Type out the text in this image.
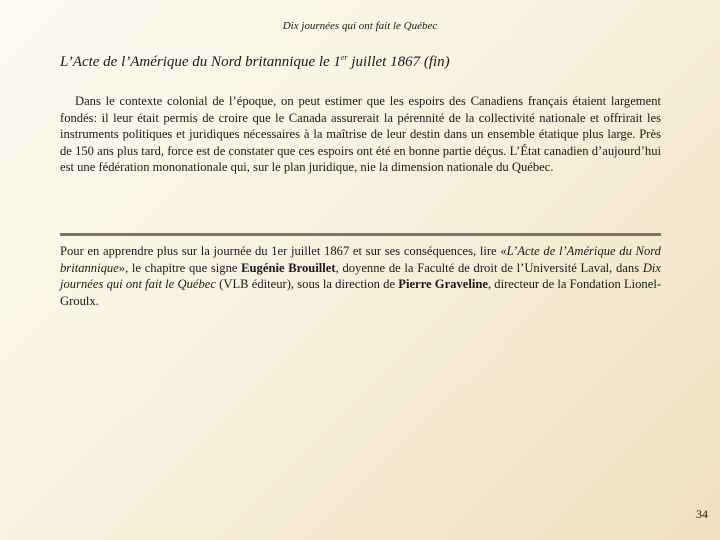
Dix journées qui ont fait le Québec
L’Acte de l’Amérique du Nord britannique le 1er juillet 1867 (fin)

Dans le contexte colonial de l’époque, on peut estimer que les espoirs des Canadiens français étaient largement fondés: il leur était permis de croire que le Canada assurerait la pérennité de la collectivité nationale et offrirait les instruments politiques et juridiques nécessaires à la maîtrise de leur destin dans un ensemble étatique plus large. Près de 150 ans plus tard, force est de constater que ces espoirs ont été en bonne partie déçus. L’État canadien d’aujourd’hui est une fédération mononationale qui, sur le plan juridique, nie la dimension nationale du Québec.

Pour en apprendre plus sur la journée du 1er juillet 1867 et sur ses conséquences, lire «L’Acte de l’Amérique du Nord britannique», le chapitre que signe Eugénie Brouillet, doyenne de la Faculté de droit de l’Université Laval, dans Dix journées qui ont fait le Québec (VLB éditeur), sous la direction de Pierre Graveline, directeur de la Fondation Lionel-Groulx.

34
